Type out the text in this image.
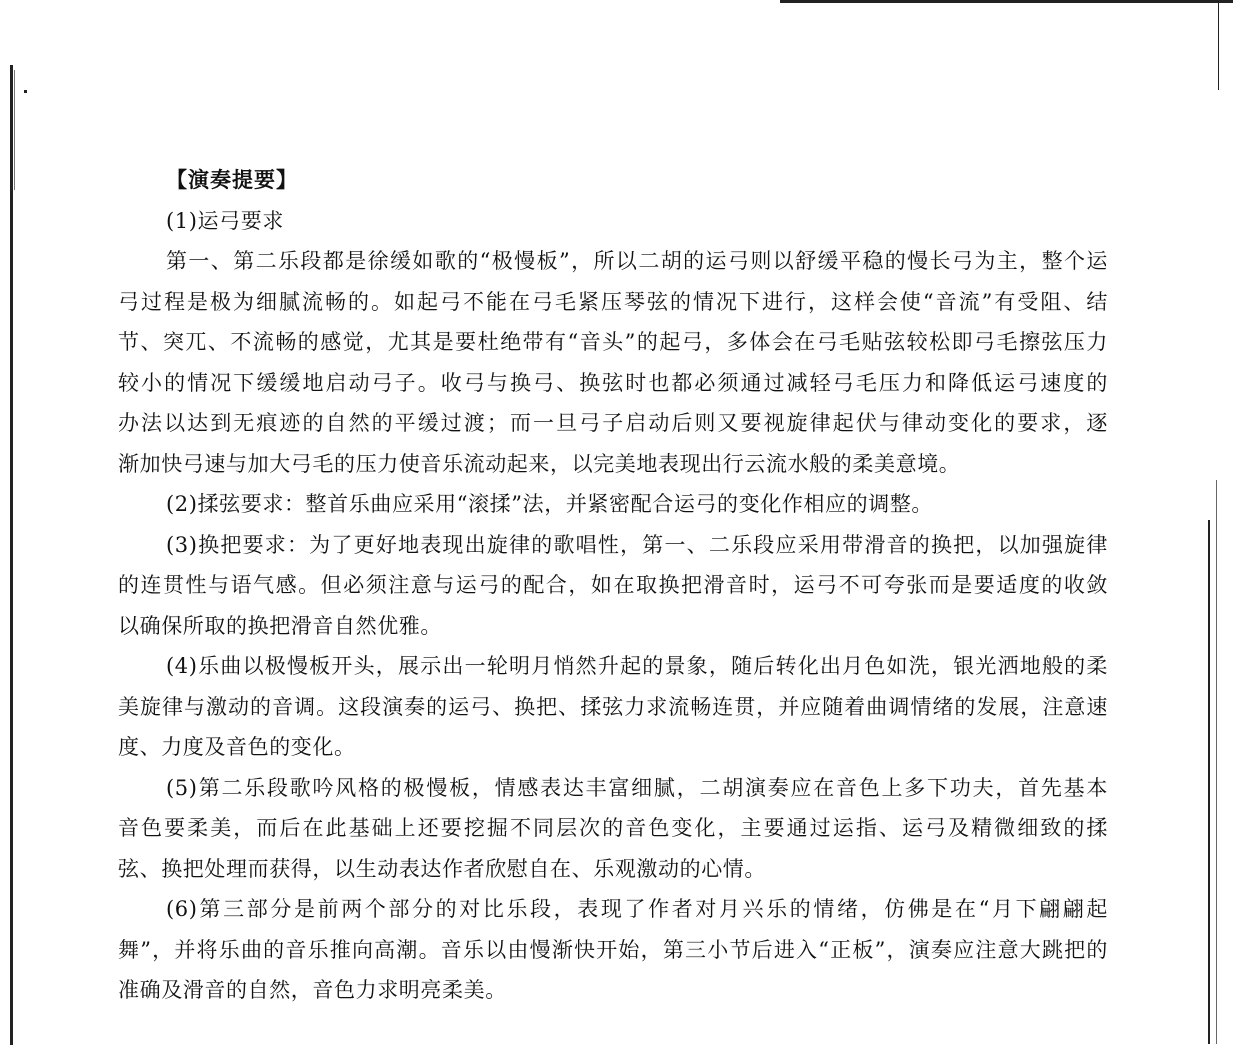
【演奏提要】
(1)运弓要求
第一、第二乐段都是徐缓如歌的“极慢板”，所以二胡的运弓则以舒缓平稳的慢长弓为主，整个运
弓过程是极为细腻流畅的。如起弓不能在弓毛紧压琴弦的情况下进行，这样会使“音流”有受阻、结
节、突兀、不流畅的感觉，尤其是要杜绝带有“音头”的起弓，多体会在弓毛贴弦较松即弓毛擦弦压力
较小的情况下缓缓地启动弓子。收弓与换弓、换弦时也都必须通过减轻弓毛压力和降低运弓速度的
办法以达到无痕迹的自然的平缓过渡；而一旦弓子启动后则又要视旋律起伏与律动变化的要求，逐
渐加快弓速与加大弓毛的压力使音乐流动起来，以完美地表现出行云流水般的柔美意境。
(2)揉弦要求：整首乐曲应采用“滚揉”法，并紧密配合运弓的变化作相应的调整。
(3)换把要求：为了更好地表现出旋律的歌唱性，第一、二乐段应采用带滑音的换把，以加强旋律
的连贯性与语气感。但必须注意与运弓的配合，如在取换把滑音时，运弓不可夸张而是要适度的收敛
以确保所取的换把滑音自然优雅。
(4)乐曲以极慢板开头，展示出一轮明月悄然升起的景象，随后转化出月色如洗，银光洒地般的柔
美旋律与激动的音调。这段演奏的运弓、换把、揉弦力求流畅连贯，并应随着曲调情绪的发展，注意速
度、力度及音色的变化。
(5)第二乐段歌吟风格的极慢板，情感表达丰富细腻，二胡演奏应在音色上多下功夫，首先基本
音色要柔美，而后在此基础上还要挖掘不同层次的音色变化，主要通过运指、运弓及精微细致的揉
弦、换把处理而获得，以生动表达作者欣慰自在、乐观激动的心情。
(6)第三部分是前两个部分的对比乐段，表现了作者对月兴乐的情绪，仿佛是在“月下翩翩起
舞”，并将乐曲的音乐推向高潮。音乐以由慢渐快开始，第三小节后进入“正板”，演奏应注意大跳把的
准确及滑音的自然，音色力求明亮柔美。
